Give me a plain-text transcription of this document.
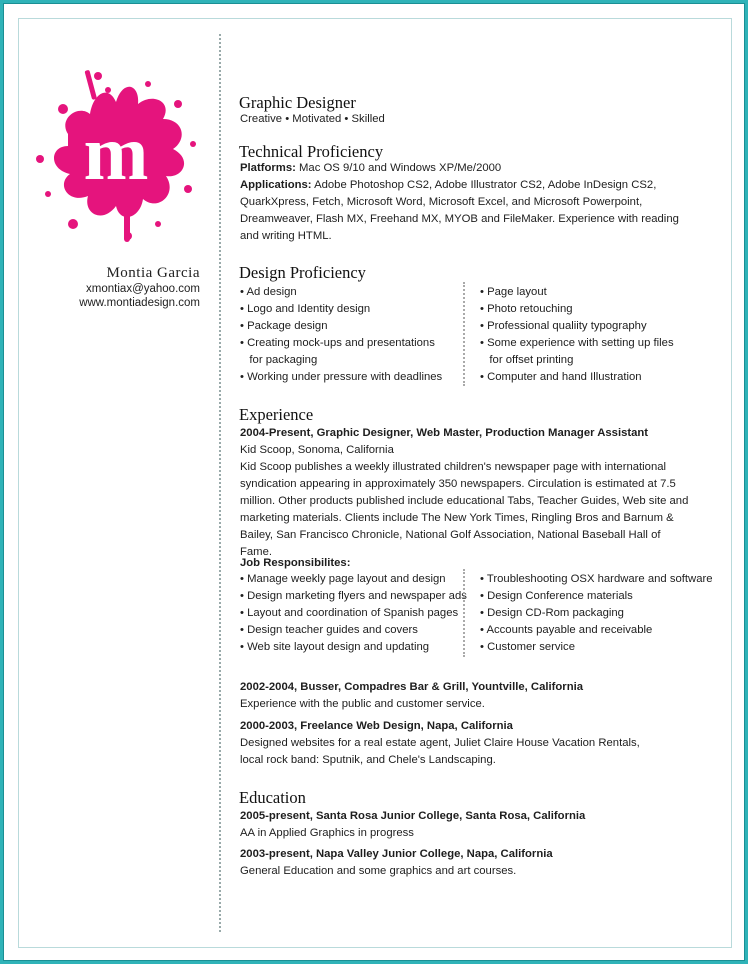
m
Montia Garcia
xmontiax@yahoo.com
www.montiadesign.com
Graphic Designer
Creative • Motivated • Skilled
Technical Proficiency

Platforms: Mac OS 9/10 and Windows XP/Me/2000

Applications: Adobe Photoshop CS2, Adobe Illustrator CS2, Adobe InDesign CS2, QuarkXpress, Fetch, Microsoft Word, Microsoft Excel, and Microsoft Powerpoint, Dreamweaver, Flash MX, Freehand MX, MYOB and FileMaker. Experience with reading and writing HTML.

Design Proficiency
• Ad design
• Logo and Identity design
• Package design
• Creating mock-ups and presentations
for packaging
• Working under pressure with deadlines
• Page layout
• Photo retouching
• Professional qualiity typography
• Some experience with setting up files
for offset printing
• Computer and hand Illustration
Experience

2004-Present, Graphic Designer, Web Master, Production Manager Assistant

Kid Scoop, Sonoma, California

Kid Scoop publishes a weekly illustrated children's newspaper page with international syndication appearing in approximately 350 newspapers. Circulation is estimated at 7.5 million. Other products published include educational Tabs, Teacher Guides, Web site and marketing materials. Clients include The New York Times, Ringling Bros and Barnum & Bailey, San Francisco Chronicle, National Golf Association, National Baseball Hall of Fame.

Job Responsibilites:
• Manage weekly page layout and design
• Design marketing flyers and newspaper ads
• Layout and coordination of Spanish pages
• Design teacher guides and covers
• Web site layout design and updating
• Troubleshooting OSX hardware and software
• Design Conference materials
• Design CD-Rom packaging
• Accounts payable and receivable
• Customer service

2002-2004, Busser, Compadres Bar & Grill, Yountville, California

Experience with the public and customer service.

2000-2003, Freelance Web Design, Napa, California

Designed websites for a real estate agent, Juliet Claire House Vacation Rentals, local rock band: Sputnik, and Chele's Landscaping.

Education

2005-present, Santa Rosa Junior College, Santa Rosa, California

AA in Applied Graphics in progress

2003-present, Napa Valley Junior College, Napa, California

General Education and some graphics and art courses.
